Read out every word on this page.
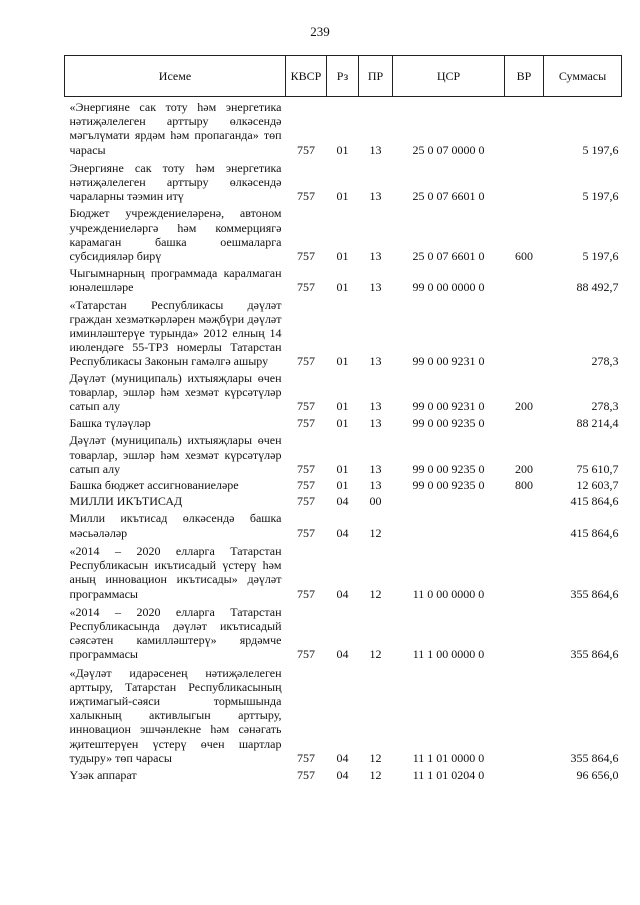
239
Исеме	КВСР	Рз	ПР	ЦСР	ВР	Суммасы
«Энергияне сак тоту һәм энергетика нәтиҗәлелеген арттыру өлкәсендә мәгълүмати ярдәм һәм пропаганда» төп чарасы	757	01	13	25 0 07 0000 0		5 197,6
Энергияне сак тоту һәм энергетика нәтиҗәлелеген арттыру өлкәсендә чараларны тәэмин итү	757	01	13	25 0 07 6601 0		5 197,6
Бюджет учреждениеләренә, автоном учреждениеләргә һәм коммерциягә карамаган башка оешмаларга субсидияләр бирү	757	01	13	25 0 07 6601 0	600	5 197,6
Чыгымнарның программада каралмаган юнәлешләре	757	01	13	99 0 00 0000 0		88 492,7
«Татарстан Республикасы дәүләт граждан хезмәткәрләрен мәҗбүри дәүләт иминләштерүе турында» 2012 елның 14 июлендәге 55-ТРЗ номерлы Татарстан Республикасы Законын гамәлгә ашыру	757	01	13	99 0 00 9231 0		278,3
Дәүләт (муниципаль) ихтыяҗлары өчен товарлар, эшләр һәм хезмәт күрсәтүләр сатып алу	757	01	13	99 0 00 9231 0	200	278,3
Башка түләүләр	757	01	13	99 0 00 9235 0		88 214,4
Дәүләт (муниципаль) ихтыяҗлары өчен товарлар, эшләр һәм хезмәт күрсәтүләр сатып алу	757	01	13	99 0 00 9235 0	200	75 610,7
Башка бюджет ассигнованиеләре	757	01	13	99 0 00 9235 0	800	12 603,7
МИЛЛИ ИКЪТИСАД	757	04	00			415 864,6
Милли икътисад өлкәсендә башка мәсьәләләр	757	04	12			415 864,6
«2014 – 2020 елларга Татарстан Республикасын икътисадый үстерү һәм аның инновацион икътисады» дәүләт программасы	757	04	12	11 0 00 0000 0		355 864,6
«2014 – 2020 елларга Татарстан Республикасында дәүләт икътисадый сәясәтен камилләштерү» ярдәмче программасы	757	04	12	11 1 00 0000 0		355 864,6
«Дәүләт идарәсенең нәтиҗәлелеген арттыру, Татарстан Республикасының иҗтимагый-сәяси тормышында халыкның активлыгын арттыру, инновацион эшчәнлекне һәм сәнәгать җитештерүен үстерү өчен шартлар тудыру» төп чарасы	757	04	12	11 1 01 0000 0		355 864,6
Үзәк аппарат	757	04	12	11 1 01 0204 0		96 656,0
